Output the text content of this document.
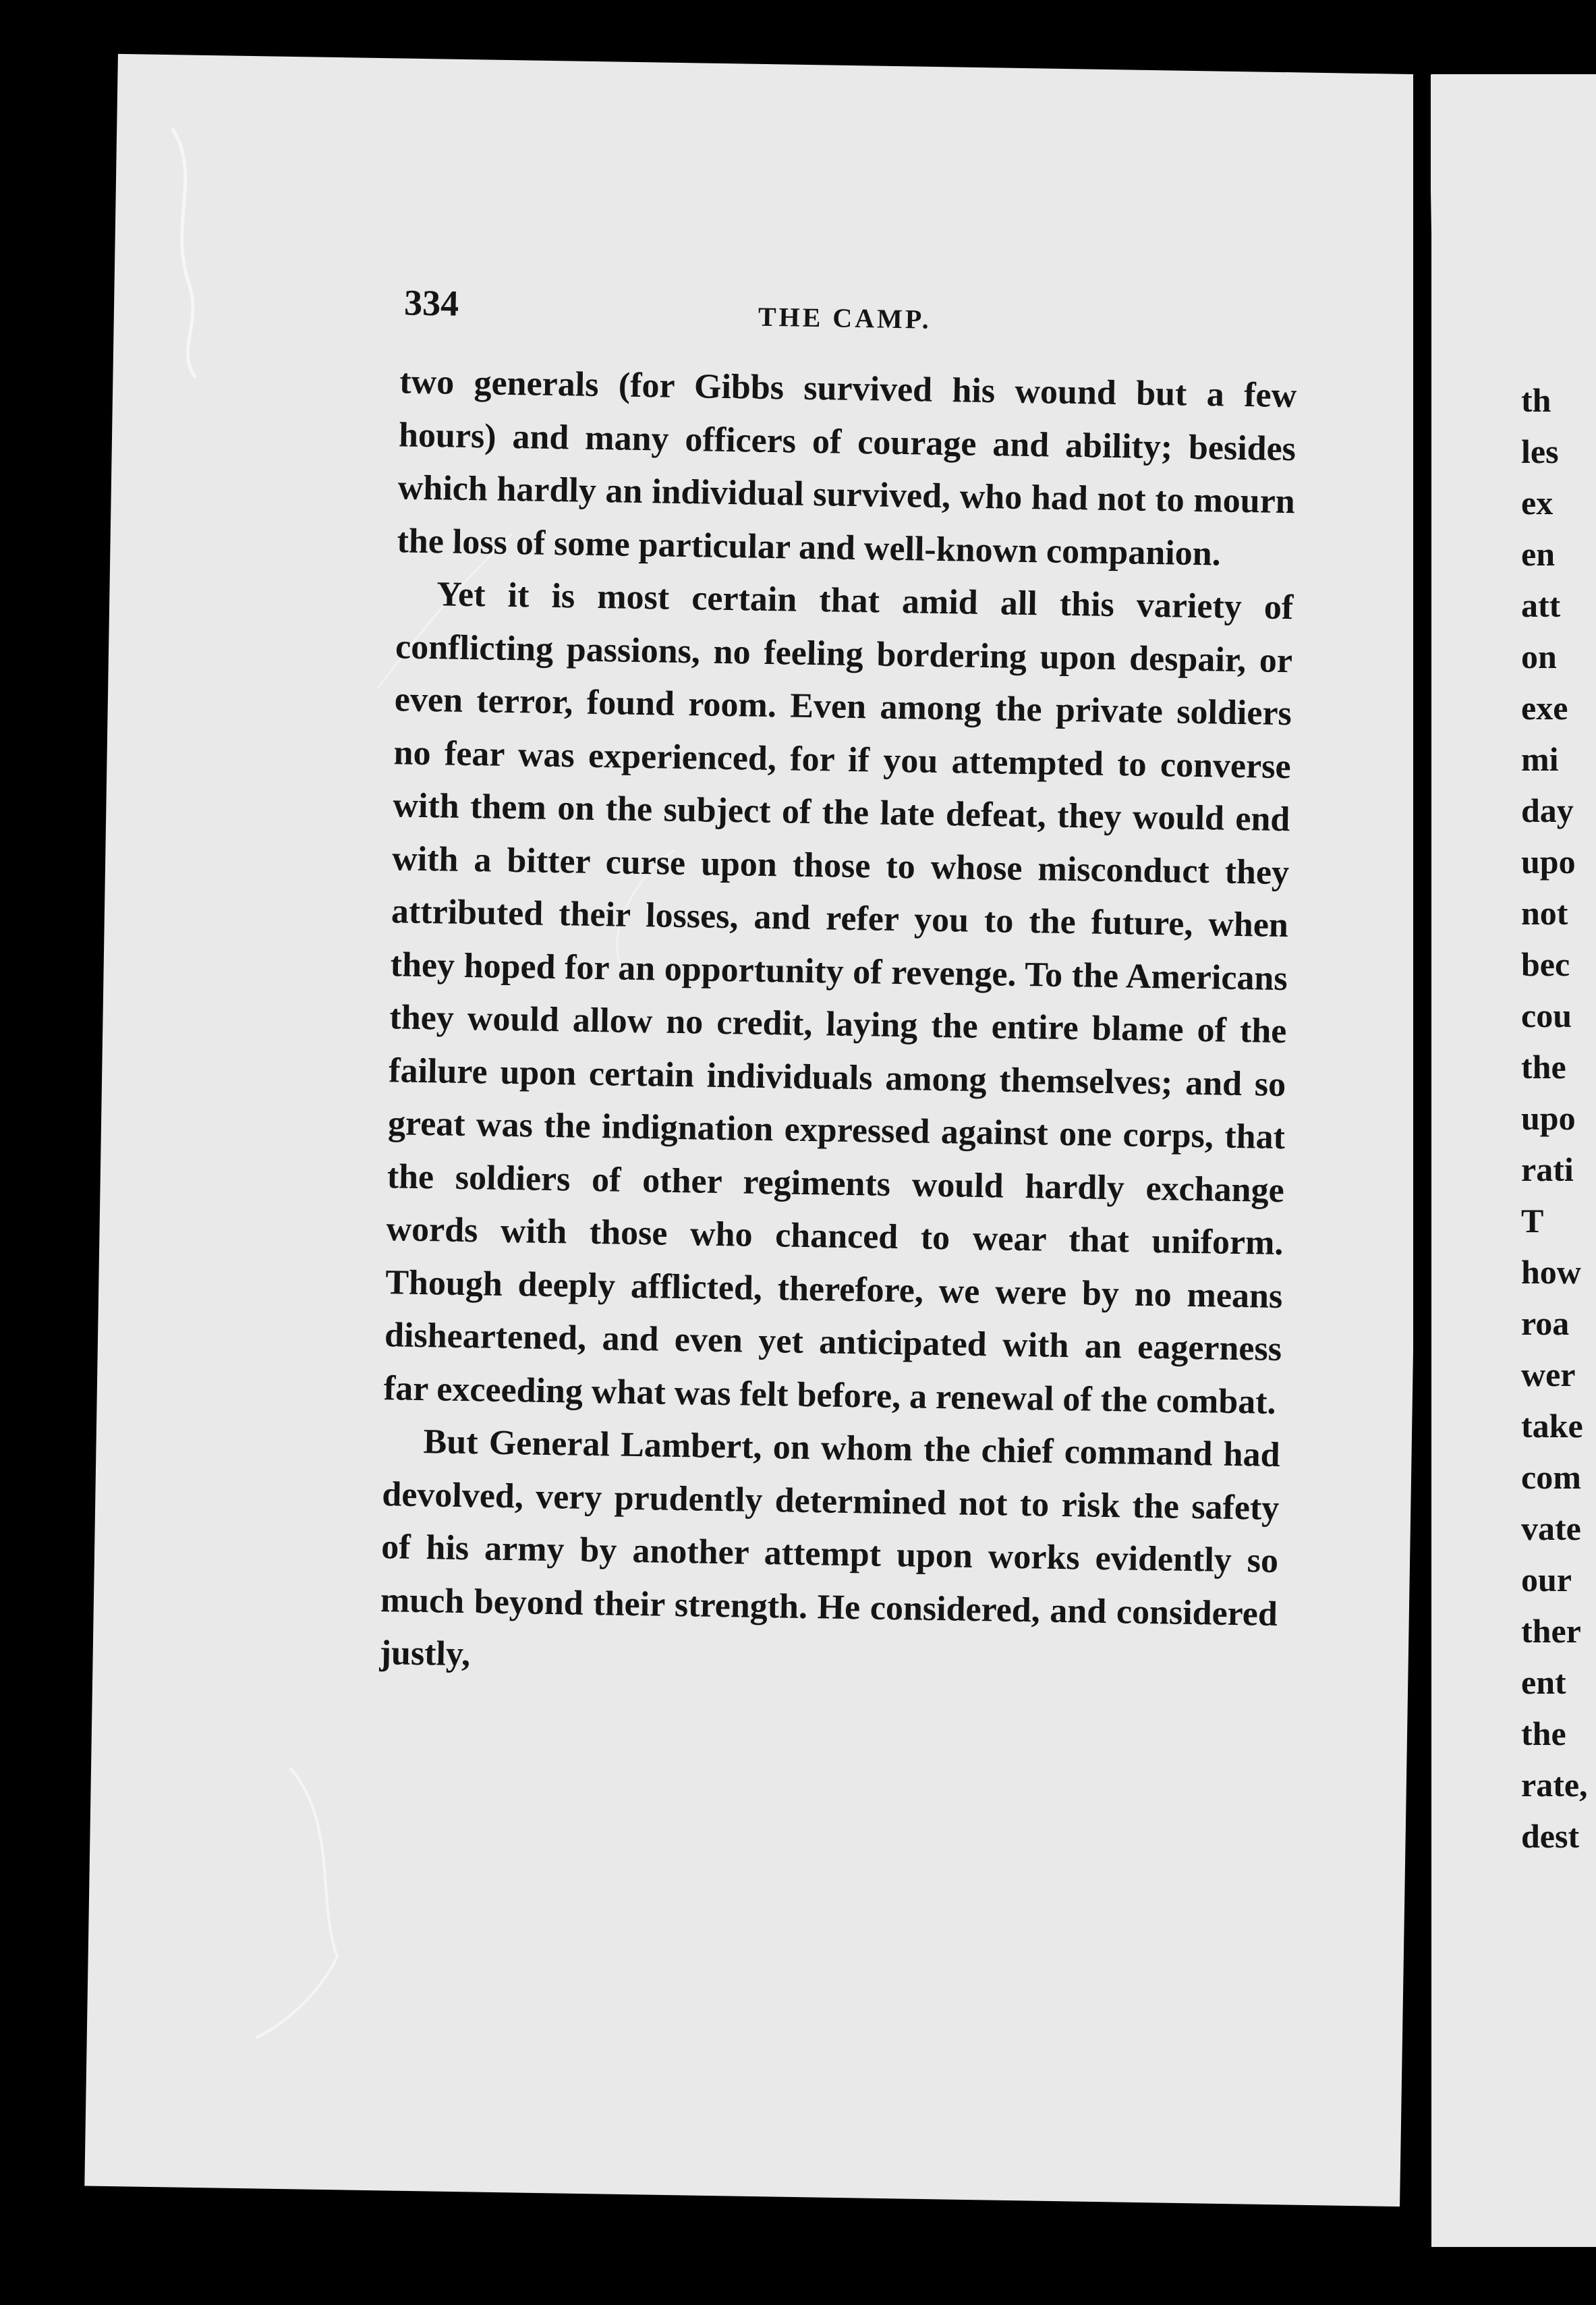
334	THE CAMP.

two generals (for Gibbs survived his wound but a few hours) and many officers of courage and ability; besides which hardly an individual survived, who had not to mourn the loss of some particular and well-known companion.

Yet it is most certain that amid all this variety of conflicting passions, no feeling bordering upon despair, or even terror, found room. Even among the private soldiers no fear was experienced, for if you attempted to converse with them on the subject of the late defeat, they would end with a bitter curse upon those to whose misconduct they attributed their losses, and refer you to the future, when they hoped for an opportunity of revenge. To the Americans they would allow no credit, laying the entire blame of the failure upon certain individuals among themselves; and so great was the indignation expressed against one corps, that the soldiers of other regiments would hardly exchange words with those who chanced to wear that uniform. Though deeply afflicted, therefore, we were by no means disheartened, and even yet anticipated with an eagerness far exceeding what was felt before, a renewal of the combat.

But General Lambert, on whom the chief command had devolved, very prudently determined not to risk the safety of his army by another attempt upon works evidently so much beyond their strength. He considered, and considered justly,

th
les
ex
en
att
on
exe
mi
day
upo
not
bec
cou
the
upo
rati
T
how
roa
wer
take
com
vate
our
ther
ent
the
rate,
dest
